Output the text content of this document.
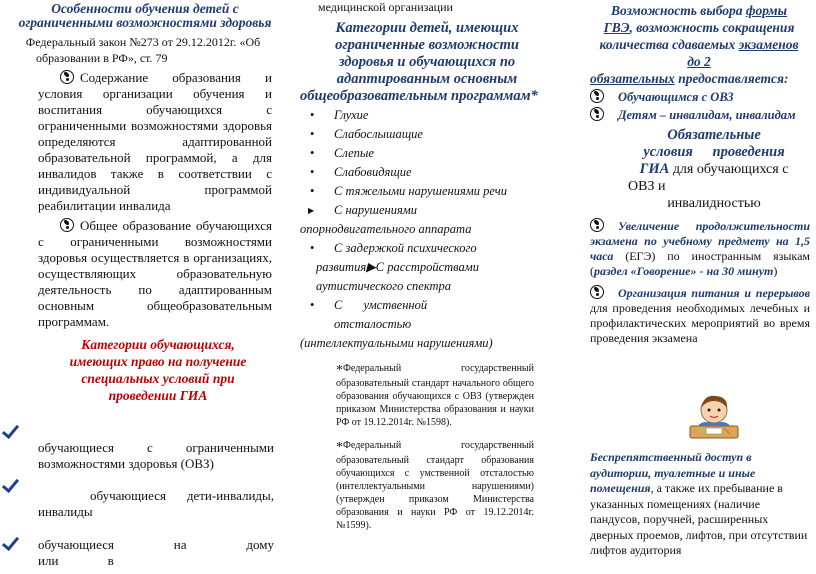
Особенности обучения детей с ограниченными возможностями здоровья
Федеральный закон №273 от 29.12.2012г. «Об
образовании в РФ», ст. 79
Содержание образования и условия организации обучения и воспитания обучающихся с ограниченными возможностями здоровья определяются адаптированной образовательной программой, а для инвалидов также в соответствии с индивидуальной программой реабилитации инвалида
Общее образование обучающихся с ограниченными возможностями здоровья осуществляется в организациях, осуществляющих образовательную деятельность по адаптированным основным общеобразовательным программам.
Категории обучающихся, имеющих право на получение специальных условий при проведении ГИА
обучающиеся с ограниченными возможностями здоровья (ОВЗ)
обучающиеся дети-инвалиды, инвалиды
обучающиеся на дому или в
медицинской организации
Категории детей, имеющих ограниченные возможности здоровья и обучающихся по адаптированным основным
общеобразовательным программам*
• Глухие
• Слабослышащие
• Слепые
• Слабовидящие
• С тяжелыми нарушениями речи
▶ С нарушениями
опорнодвигательного аппарата
• С задержкой психического
развития▶С расстройствами
аутистического спектра
• С умственной
отсталостью
(интеллектуальными нарушениями)
*Федеральный государственный образовательный стандарт начального общего образования обучающихся с ОВЗ (утвержден приказом Министерства образования и науки РФ от 19.12.2014г. №1598).
*Федеральный государственный образовательный стандарт образования обучающихся с умственной отсталостью (интеллектуальными нарушениями) (утвержден приказом Министерства образования и науки РФ от 19.12.2014г. №1599).
Возможность выбора формы
ГВЭ, возможность сокращения
количества сдаваемых экзаменов
до 2
обязательных предоставляется:
Обучающимся с ОВЗ
Детям – инвалидам, инвалидам
Обязательные
условия проведения
ГИА для обучающихся с
ОВЗ и
инвалидностью
Увеличение продолжительности экзамена по учебному предмету на 1,5 часа (ЕГЭ) по иностранным языкам (раздел «Говорение» - на 30 минут)
Организация питания и перерывов для проведения необходимых лечебных и профилактических мероприятий во время проведения экзамена
Беспрепятственный доступ в аудитории, туалетные и иные помещения, а также их пребывание в указанных помещениях (наличие пандусов, поручней, расширенных дверных проемов, лифтов, при отсутствии лифтов аудитория
